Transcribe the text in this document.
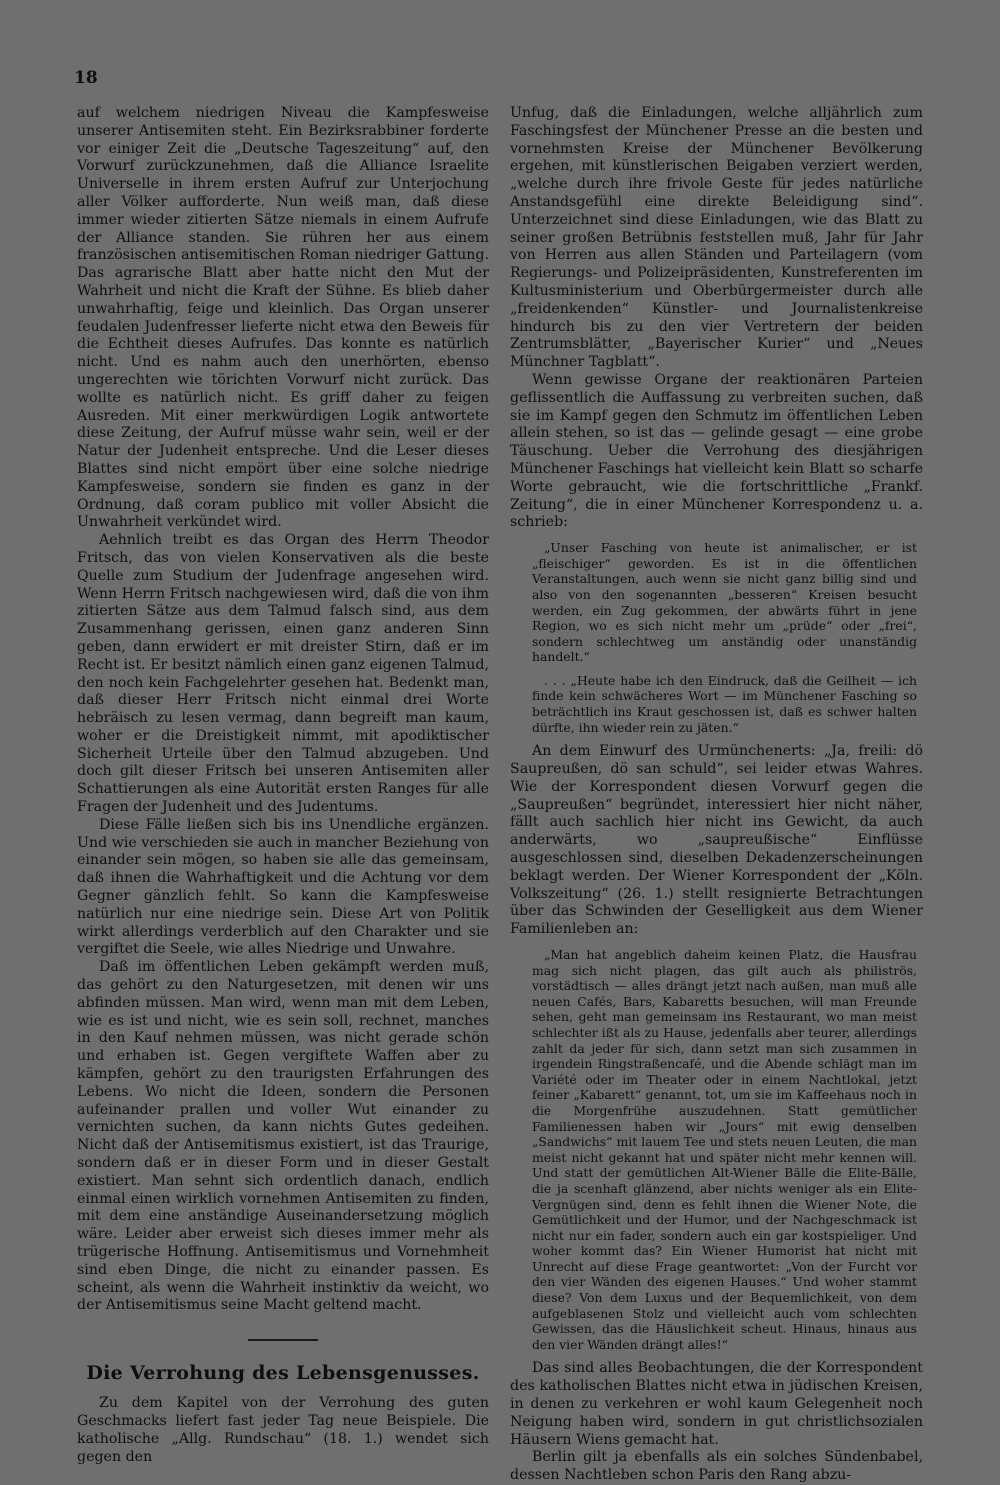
18

auf welchem niedrigen Niveau die Kampfesweise unserer Antisemiten steht. Ein Bezirksrabbiner forderte vor einiger Zeit die „Deutsche Tageszeitung“ auf, den Vorwurf zurückzunehmen, daß die Alliance Israelite Universelle in ihrem ersten Aufruf zur Unterjochung aller Völker aufforderte. Nun weiß man, daß diese immer wieder zitierten Sätze niemals in einem Aufrufe der Alliance standen. Sie rühren her aus einem französischen antisemitischen Roman niedriger Gattung. Das agrarische Blatt aber hatte nicht den Mut der Wahrheit und nicht die Kraft der Sühne. Es blieb daher unwahrhaftig, feige und kleinlich. Das Organ unserer feudalen Judenfresser lieferte nicht etwa den Beweis für die Echtheit dieses Aufrufes. Das konnte es natürlich nicht. Und es nahm auch den unerhörten, ebenso ungerechten wie törichten Vorwurf nicht zurück. Das wollte es natürlich nicht. Es griff daher zu feigen Ausreden. Mit einer merkwürdigen Logik antwortete diese Zeitung, der Aufruf müsse wahr sein, weil er der Natur der Judenheit entspreche. Und die Leser dieses Blattes sind nicht empört über eine solche niedrige Kampfesweise, sondern sie finden es ganz in der Ordnung, daß coram publico mit voller Absicht die Unwahrheit verkündet wird.

Aehnlich treibt es das Organ des Herrn Theodor Fritsch, das von vielen Konservativen als die beste Quelle zum Studium der Judenfrage angesehen wird. Wenn Herrn Fritsch nachgewiesen wird, daß die von ihm zitierten Sätze aus dem Talmud falsch sind, aus dem Zusammenhang gerissen, einen ganz anderen Sinn geben, dann erwidert er mit dreister Stirn, daß er im Recht ist. Er besitzt nämlich einen ganz eigenen Talmud, den noch kein Fachgelehrter gesehen hat. Bedenkt man, daß dieser Herr Fritsch nicht einmal drei Worte hebräisch zu lesen vermag, dann begreift man kaum, woher er die Dreistigkeit nimmt, mit apodiktischer Sicherheit Urteile über den Talmud abzugeben. Und doch gilt dieser Fritsch bei unseren Antisemiten aller Schattierungen als eine Autorität ersten Ranges für alle Fragen der Judenheit und des Judentums.

Diese Fälle ließen sich bis ins Unendliche ergänzen. Und wie verschieden sie auch in mancher Beziehung von einander sein mögen, so haben sie alle das gemeinsam, daß ihnen die Wahrhaftigkeit und die Achtung vor dem Gegner gänzlich fehlt. So kann die Kampfesweise natürlich nur eine niedrige sein. Diese Art von Politik wirkt allerdings verderblich auf den Charakter und sie vergiftet die Seele, wie alles Niedrige und Unwahre.

Daß im öffentlichen Leben gekämpft werden muß, das gehört zu den Naturgesetzen, mit denen wir uns abfinden müssen. Man wird, wenn man mit dem Leben, wie es ist und nicht, wie es sein soll, rechnet, manches in den Kauf nehmen müssen, was nicht gerade schön und erhaben ist. Gegen vergiftete Waffen aber zu kämpfen, gehört zu den traurigsten Erfahrungen des Lebens. Wo nicht die Ideen, sondern die Personen aufeinander prallen und voller Wut einander zu vernichten suchen, da kann nichts Gutes gedeihen. Nicht daß der Antisemitismus existiert, ist das Traurige, sondern daß er in dieser Form und in dieser Gestalt existiert. Man sehnt sich ordentlich danach, endlich einmal einen wirklich vornehmen Antisemiten zu finden, mit dem eine anständige Auseinandersetzung möglich wäre. Leider aber erweist sich dieses immer mehr als trügerische Hoffnung. Antisemitismus und Vornehmheit sind eben Dinge, die nicht zu einander passen. Es scheint, als wenn die Wahrheit instinktiv da weicht, wo der Antisemitismus seine Macht geltend macht.

Die Verrohung des Lebensgenusses.

Zu dem Kapitel von der Verrohung des guten Geschmacks liefert fast jeder Tag neue Beispiele. Die katholische „Allg. Rundschau“ (18. 1.) wendet sich gegen den

Unfug, daß die Einladungen, welche alljährlich zum Faschingsfest der Münchener Presse an die besten und vornehmsten Kreise der Münchener Bevölkerung ergehen, mit künstlerischen Beigaben verziert werden, „welche durch ihre frivole Geste für jedes natürliche Anstandsgefühl eine direkte Beleidigung sind“. Unterzeichnet sind diese Einladungen, wie das Blatt zu seiner großen Betrübnis feststellen muß, Jahr für Jahr von Herren aus allen Ständen und Parteilagern (vom Regierungs- und Polizeipräsidenten, Kunstreferenten im Kultusministerium und Oberbürgermeister durch alle „freidenkenden“ Künstler- und Journalistenkreise hindurch bis zu den vier Vertretern der beiden Zentrumsblätter, „Bayerischer Kurier“ und „Neues Münchner Tagblatt“.

Wenn gewisse Organe der reaktionären Parteien geflissentlich die Auffassung zu verbreiten suchen, daß sie im Kampf gegen den Schmutz im öffentlichen Leben allein stehen, so ist das — gelinde gesagt — eine grobe Täuschung. Ueber die Verrohung des diesjährigen Münchener Faschings hat vielleicht kein Blatt so scharfe Worte gebraucht, wie die fortschrittliche „Frankf. Zeitung“, die in einer Münchener Korrespondenz u. a. schrieb:

„Unser Fasching von heute ist animalischer, er ist „fleischiger“ geworden. Es ist in die öffentlichen Veranstaltungen, auch wenn sie nicht ganz billig sind und also von den sogenannten „besseren“ Kreisen besucht werden, ein Zug gekommen, der abwärts führt in jene Region, wo es sich nicht mehr um „prüde“ oder „frei“, sondern schlechtweg um anständig oder unanständig handelt.“

. . . „Heute habe ich den Eindruck, daß die Geilheit — ich finde kein schwächeres Wort — im Münchener Fasching so beträchtlich ins Kraut geschossen ist, daß es schwer halten dürfte, ihn wieder rein zu jäten.“

An dem Einwurf des Urmünchenerts: „Ja, freili: dö Saupreußen, dö san schuld“, sei leider etwas Wahres. Wie der Korrespondent diesen Vorwurf gegen die „Saupreußen“ begründet, interessiert hier nicht näher, fällt auch sachlich hier nicht ins Gewicht, da auch anderwärts, wo „saupreußische“ Einflüsse ausgeschlossen sind, dieselben Dekadenzerscheinungen beklagt werden. Der Wiener Korrespondent der „Köln. Volkszeitung“ (26. 1.) stellt resignierte Betrachtungen über das Schwinden der Geselligkeit aus dem Wiener Familienleben an:

„Man hat angeblich daheim keinen Platz, die Hausfrau mag sich nicht plagen, das gilt auch als philiströs, vorstädtisch — alles drängt jetzt nach außen, man muß alle neuen Cafés, Bars, Kabaretts besuchen, will man Freunde sehen, geht man gemeinsam ins Restaurant, wo man meist schlechter ißt als zu Hause, jedenfalls aber teurer, allerdings zahlt da jeder für sich, dann setzt man sich zusammen in irgendein Ringstraßencafé, und die Abende schlägt man im Variété oder im Theater oder in einem Nachtlokal, jetzt feiner „Kabarett“ genannt, tot, um sie im Kaffeehaus noch in die Morgenfrühe auszudehnen. Statt gemütlicher Familienessen haben wir „Jours“ mit ewig denselben „Sandwichs“ mit lauem Tee und stets neuen Leuten, die man meist nicht gekannt hat und später nicht mehr kennen will. Und statt der gemütlichen Alt-Wiener Bälle die Elite-Bälle, die ja scenhaft glänzend, aber nichts weniger als ein Elite-Vergnügen sind, denn es fehlt ihnen die Wiener Note, die Gemütlichkeit und der Humor, und der Nachgeschmack ist nicht nur ein fader, sondern auch ein gar kostspieliger. Und woher kommt das? Ein Wiener Humorist hat nicht mit Unrecht auf diese Frage geantwortet: „Von der Furcht vor den vier Wänden des eigenen Hauses.“ Und woher stammt diese? Von dem Luxus und der Bequemlichkeit, von dem aufgeblasenen Stolz und vielleicht auch vom schlechten Gewissen, das die Häuslichkeit scheut. Hinaus, hinaus aus den vier Wänden drängt alles!“

Das sind alles Beobachtungen, die der Korrespondent des katholischen Blattes nicht etwa in jüdischen Kreisen, in denen zu verkehren er wohl kaum Gelegenheit noch Neigung haben wird, sondern in gut christlichsozialen Häusern Wiens gemacht hat.

Berlin gilt ja ebenfalls als ein solches Sündenbabel, dessen Nachtleben schon Paris den Rang abzu-
